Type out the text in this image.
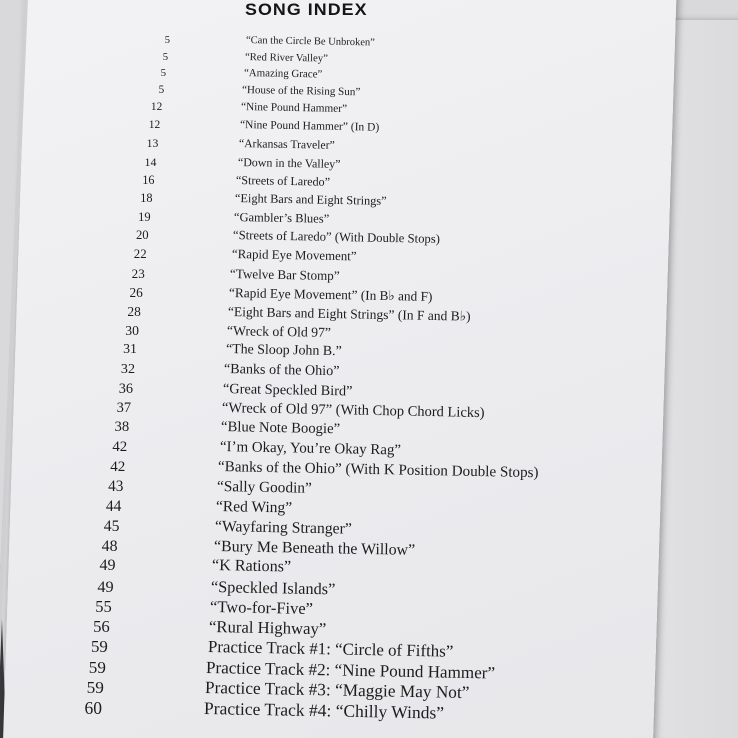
SONG INDEX
5	“Can the Circle Be Unbroken”
5	“Red River Valley”
5	“Amazing Grace”
5	“House of the Rising Sun”
12	“Nine Pound Hammer”
12	“Nine Pound Hammer” (In D)
13	“Arkansas Traveler”
14	“Down in the Valley”
16	“Streets of Laredo”
18	“Eight Bars and Eight Strings”
19	“Gambler’s Blues”
20	“Streets of Laredo” (With Double Stops)
22	“Rapid Eye Movement”
23	“Twelve Bar Stomp”
26	“Rapid Eye Movement” (In B♭ and F)
28	“Eight Bars and Eight Strings” (In F and B♭)
30	“Wreck of Old 97”
31	“The Sloop John B.”
32	“Banks of the Ohio”
36	“Great Speckled Bird”
37	“Wreck of Old 97” (With Chop Chord Licks)
38	“Blue Note Boogie”
42	“I’m Okay, You’re Okay Rag”
42	“Banks of the Ohio” (With K Position Double Stops)
43	“Sally Goodin”
44	“Red Wing”
45	“Wayfaring Stranger”
48	“Bury Me Beneath the Willow”
49	“K Rations”
49	“Speckled Islands”
55	“Two-for-Five”
56	“Rural Highway”
59	Practice Track #1: “Circle of Fifths”
59	Practice Track #2: “Nine Pound Hammer”
59	Practice Track #3: “Maggie May Not”
60	Practice Track #4: “Chilly Winds”
